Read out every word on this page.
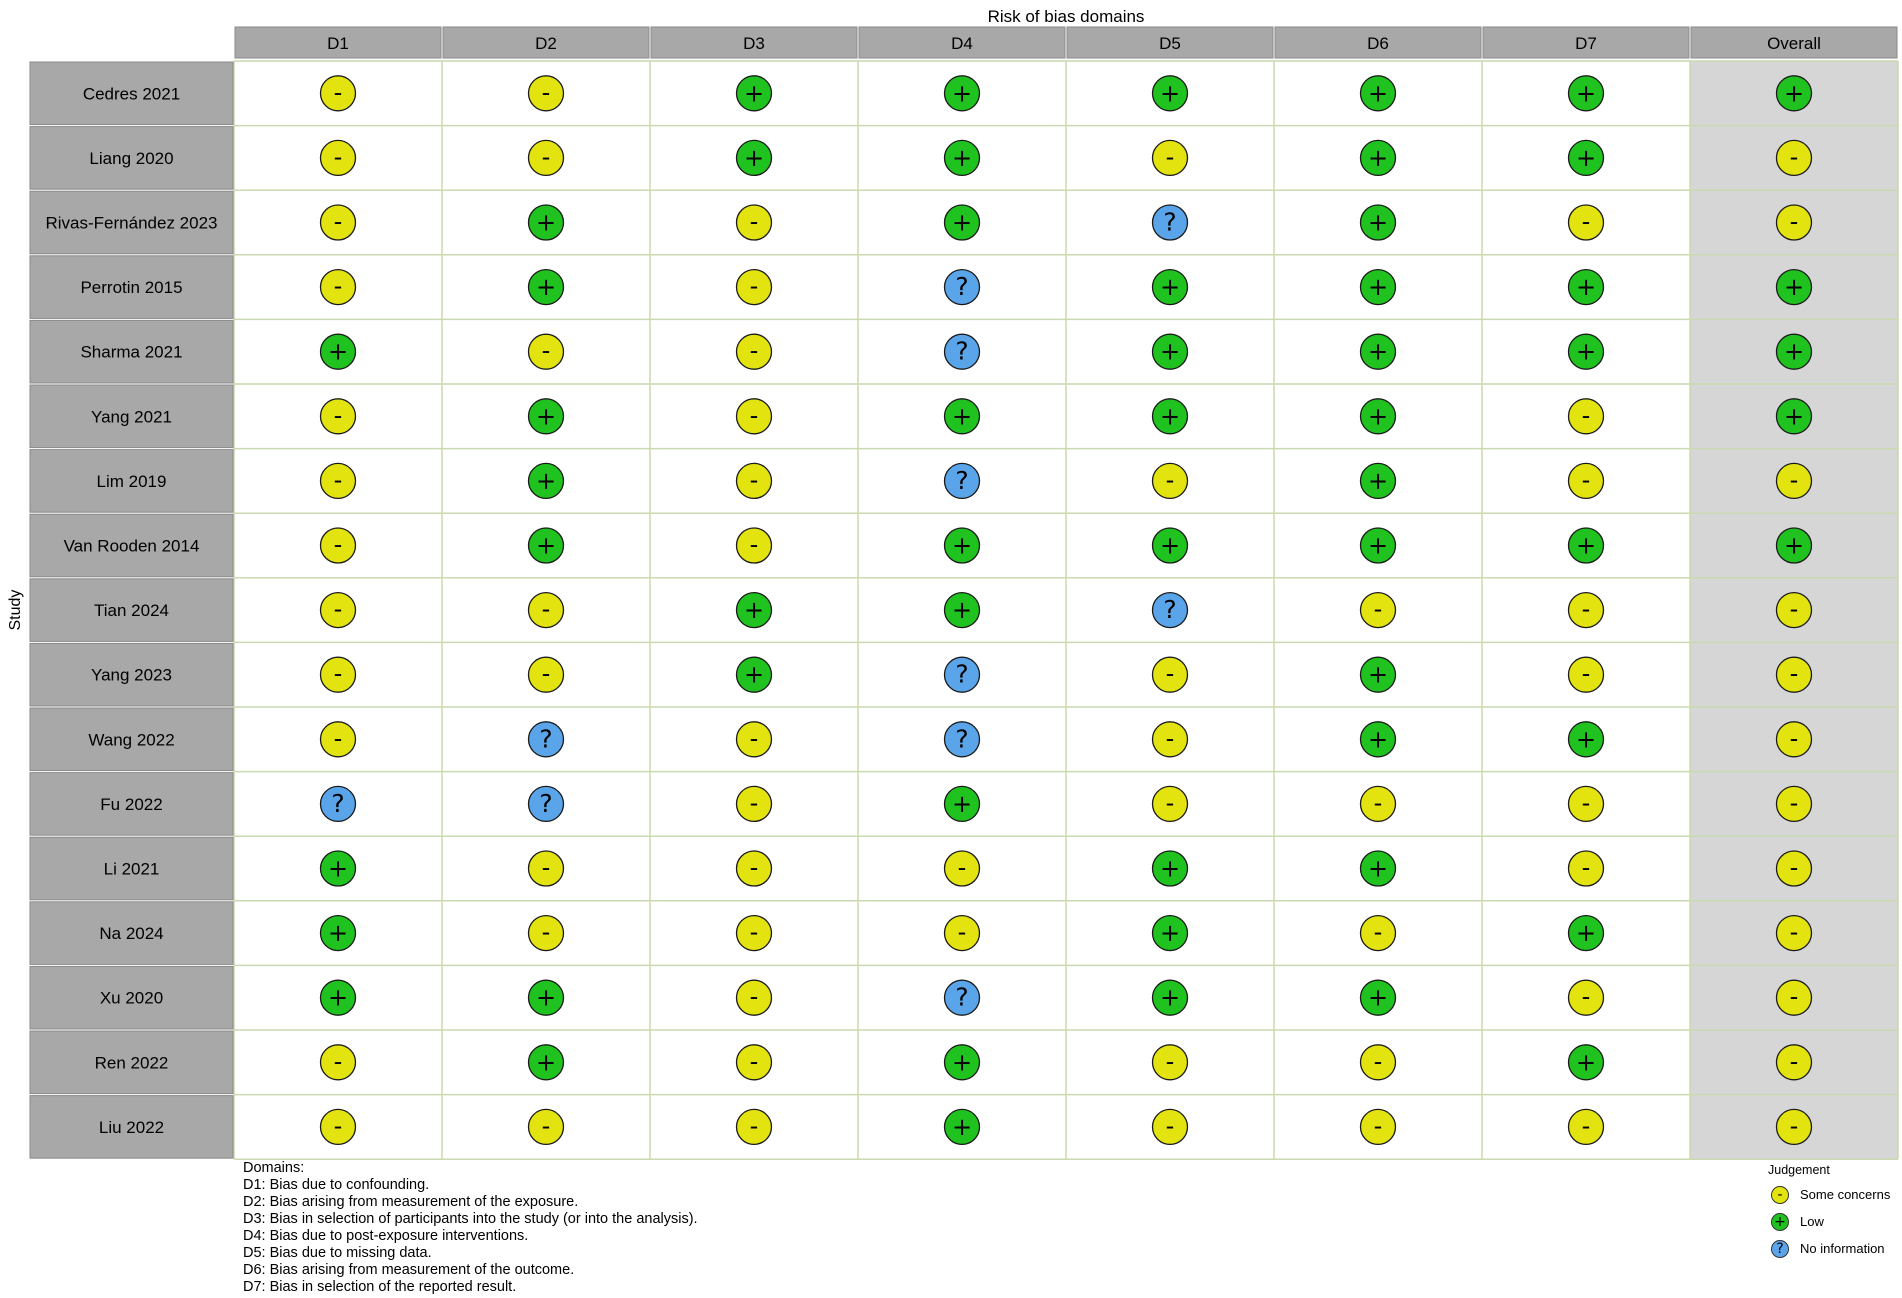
Risk of bias domains
Study
D1	D2	D3	D4	D5	D6	D7	Overall
Cedres 2021	-	-	+	+	+	+	+	+
Liang 2020	-	-	+	+	-	+	+	-
Rivas-Fernández 2023	-	+	-	+	?	+	-	-
Perrotin 2015	-	+	-	?	+	+	+	+
Sharma 2021	+	-	-	?	+	+	+	+
Yang 2021	-	+	-	+	+	+	-	+
Lim 2019	-	+	-	?	-	+	-	-
Van Rooden 2014	-	+	-	+	+	+	+	+
Tian 2024	-	-	+	+	?	-	-	-
Yang 2023	-	-	+	?	-	+	-	-
Wang 2022	-	?	-	?	-	+	+	-
Fu 2022	?	?	-	+	-	-	-	-
Li 2021	+	-	-	-	+	+	-	-
Na 2024	+	-	-	-	+	-	+	-
Xu 2020	+	+	-	?	+	+	-	-
Ren 2022	-	+	-	+	-	-	+	-
Liu 2022	-	-	-	+	-	-	-	-
Domains:
D1: Bias due to confounding.
D2: Bias arising from measurement of the exposure.
D3: Bias in selection of participants into the study (or into the analysis).
D4: Bias due to post-exposure interventions.
D5: Bias due to missing data.
D6: Bias arising from measurement of the outcome.
D7: Bias in selection of the reported result.
Judgement
-	Some concerns
+ Low
?	No information
